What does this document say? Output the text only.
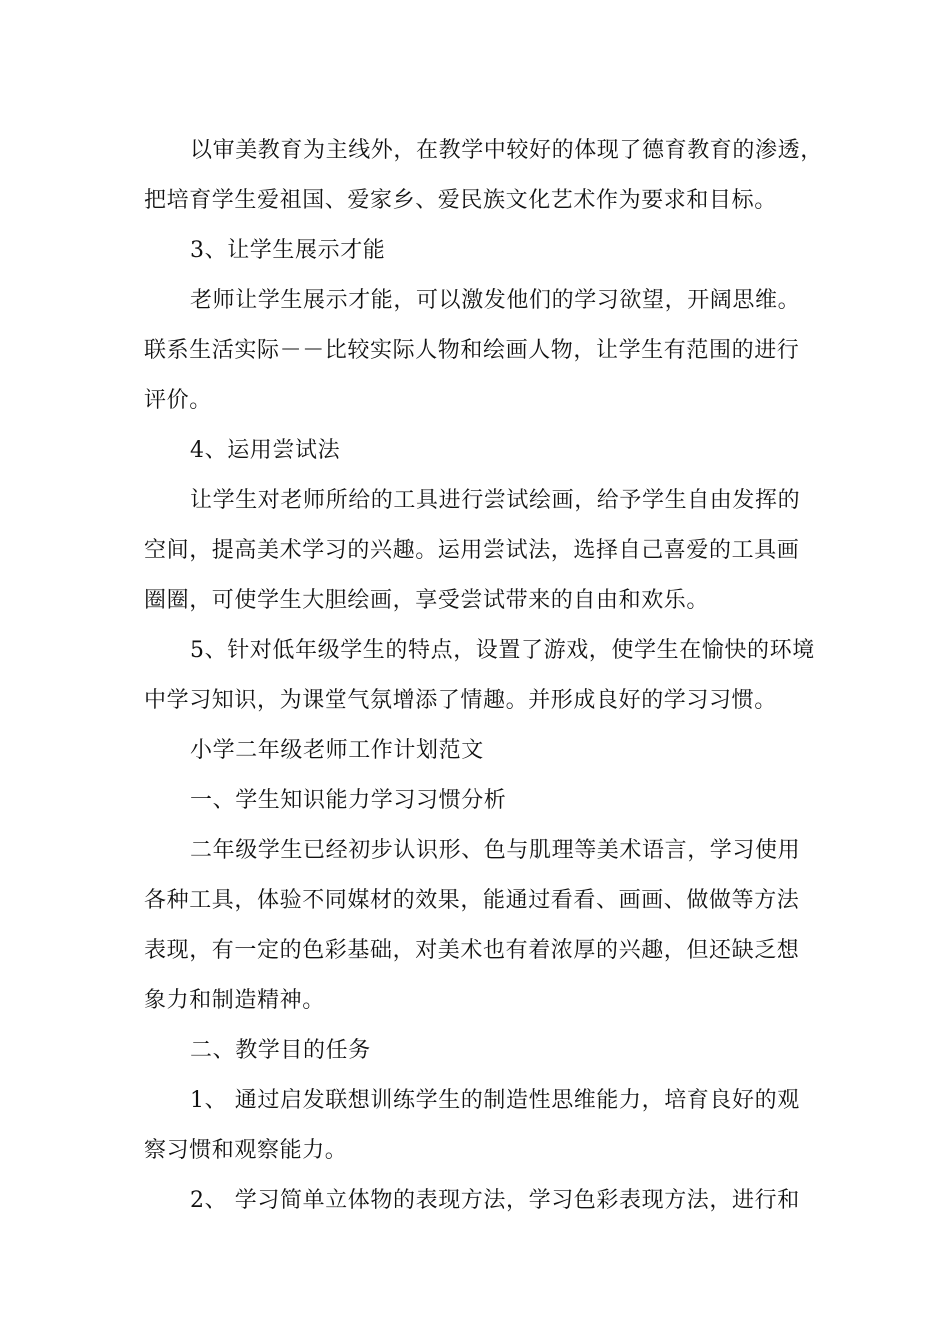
以审美教育为主线外，在教学中较好的体现了德育教育的渗透，
把培育学生爱祖国、爱家乡、爱民族文化艺术作为要求和目标。
3、让学生展示才能
老师让学生展示才能，可以激发他们的学习欲望，开阔思维。
联系生活实际－－比较实际人物和绘画人物，让学生有范围的进行
评价。
4、运用尝试法
让学生对老师所给的工具进行尝试绘画，给予学生自由发挥的
空间，提高美术学习的兴趣。运用尝试法，选择自己喜爱的工具画
圈圈，可使学生大胆绘画，享受尝试带来的自由和欢乐。
5、针对低年级学生的特点，设置了游戏，使学生在愉快的环境
中学习知识，为课堂气氛增添了情趣。并形成良好的学习习惯。
小学二年级老师工作计划范文
一、学生知识能力学习习惯分析
二年级学生已经初步认识形、色与肌理等美术语言，学习使用
各种工具，体验不同媒材的效果，能通过看看、画画、做做等方法
表现，有一定的色彩基础，对美术也有着浓厚的兴趣，但还缺乏想
象力和制造精神。
二、教学目的任务
1、 通过启发联想训练学生的制造性思维能力，培育良好的观
察习惯和观察能力。
2、 学习简单立体物的表现方法，学习色彩表现方法，进行和
